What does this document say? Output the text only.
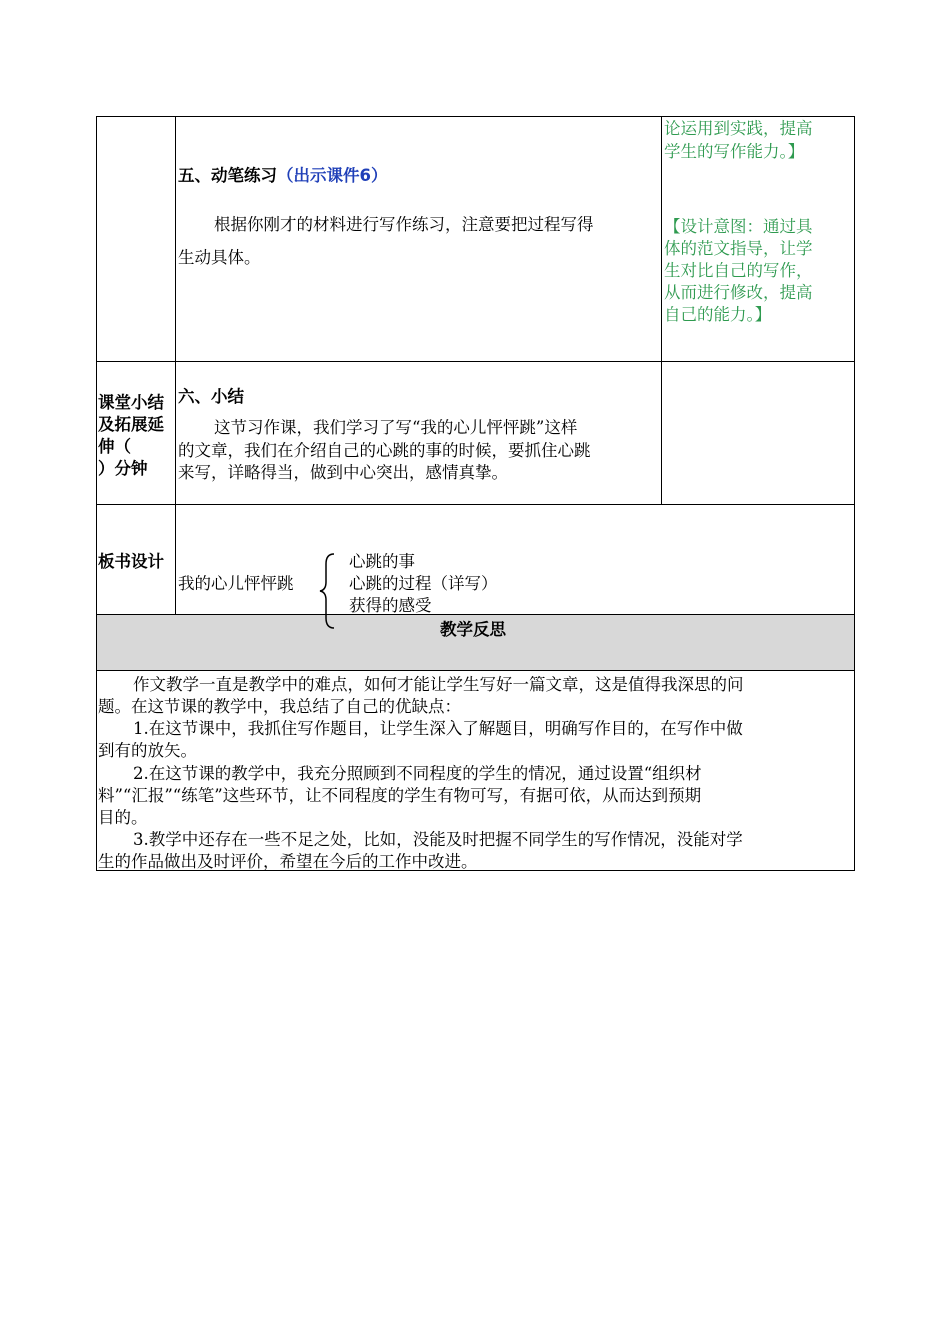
五、动笔练习（出示课件6）
根据你刚才的材料进行写作练习，注意要把过程写得
生动具体。
论运用到实践，提高
学生的写作能力。】
【设计意图：通过具
体的范文指导，让学
生对比自己的写作，
从而进行修改，提高
自己的能力。】
课堂小结
及拓展延
伸（
）分钟
六、小结
这节习作课，我们学习了写“我的心儿怦怦跳”这样
的文章，我们在介绍自己的心跳的事的时候，要抓住心跳
来写，详略得当，做到中心突出，感情真挚。
板书设计
我的心儿怦怦跳
心跳的事
心跳的过程（详写）
获得的感受
教学反思
作文教学一直是教学中的难点，如何才能让学生写好一篇文章，这是值得我深思的问
题。在这节课的教学中，我总结了自己的优缺点：
1.在这节课中，我抓住写作题目，让学生深入了解题目，明确写作目的，在写作中做
到有的放矢。
2.在这节课的教学中，我充分照顾到不同程度的学生的情况，通过设置“组织材
料”“汇报”“练笔”这些环节，让不同程度的学生有物可写，有据可依，从而达到预期
目的。
3.教学中还存在一些不足之处，比如，没能及时把握不同学生的写作情况，没能对学
生的作品做出及时评价，希望在今后的工作中改进。
